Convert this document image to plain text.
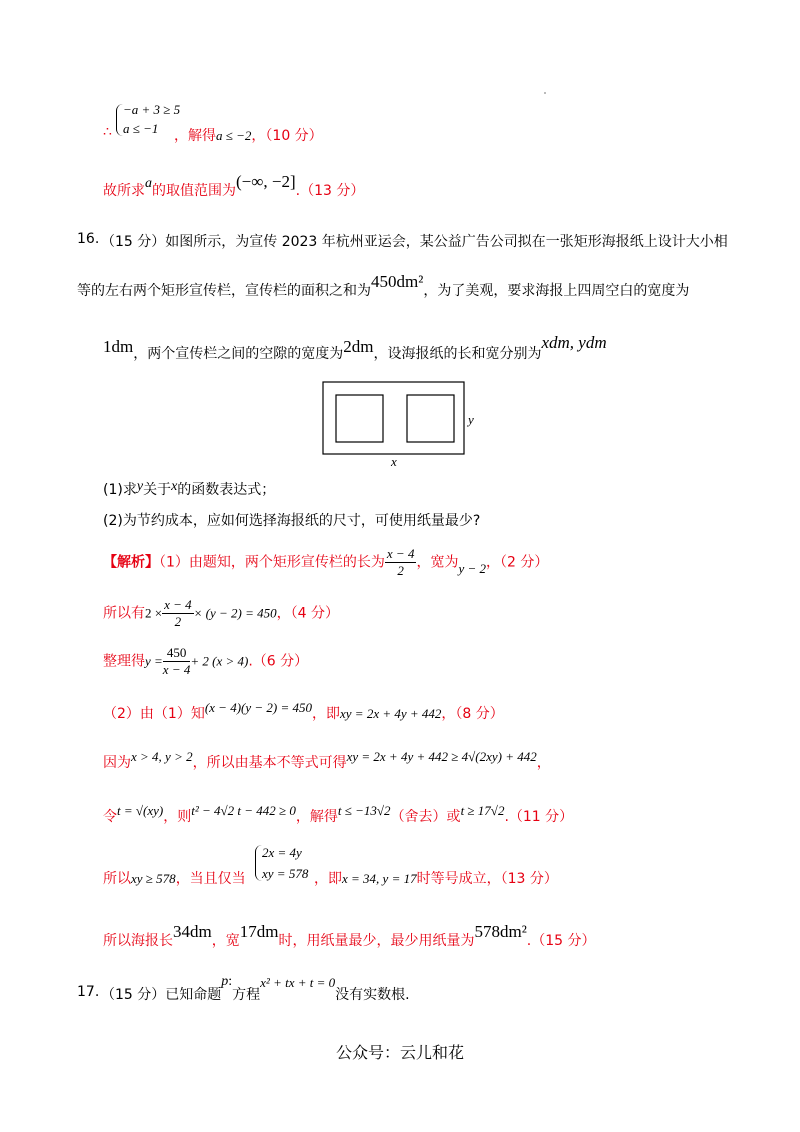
∴
−a + 3 ≥ 5
a ≤ −1 ，解得a ≤ −2，（10 分）
故所求a的取值范围为(−∞, −2].（13 分）
16. （15 分）如图所示，为宣传 2023 年杭州亚运会，某公益广告公司拟在一张矩形海报纸上设计大小相
等的左右两个矩形宣传栏，宣传栏的面积之和为450dm²，为了美观，要求海报上四周空白的宽度为
1dm，两个宣传栏之间的空隙的宽度为2dm，设海报纸的长和宽分别为xdm, ydm
y
x
(1)求y关于x的函数表达式；
(2)为节约成本，应如何选择海报纸的尺寸，可使用纸量最少?
【解析】（1）由题知，两个矩形宣传栏的长为 $\frac{x - 4}{2}$ ，宽为y − 2，（2 分）
所以有$2 \times \frac{x - 4}{2} \times (y - 2) = 450$，（4 分）
整理得$y = \frac{450}{x - 4} + 2$ (x > 4).（6 分）
（2）由（1）知(x − 4)(y − 2) = 450，即xy = 2x + 4y + 442，（8 分）
因为x > 4, y > 2，所以由基本不等式可得xy = 2x + 4y + 442 ≥ 4√(2xy) + 442，
令t = √(xy)，则t² − 4√2 t − 442 ≥ 0，解得t ≤ −13√2（舍去）或t ≥ 17√2.（11 分）
所以xy ≥ 578，当且仅当
2x = 4y
xy = 578 ，即x = 34, y = 17时等号成立，（13 分）
所以海报长34dm，宽17dm时，用纸量最少，最少用纸量为578dm².（15 分）
17. （15 分）已知命题p:方程x² + tx + t = 0没有实数根.
公众号：云儿和花
